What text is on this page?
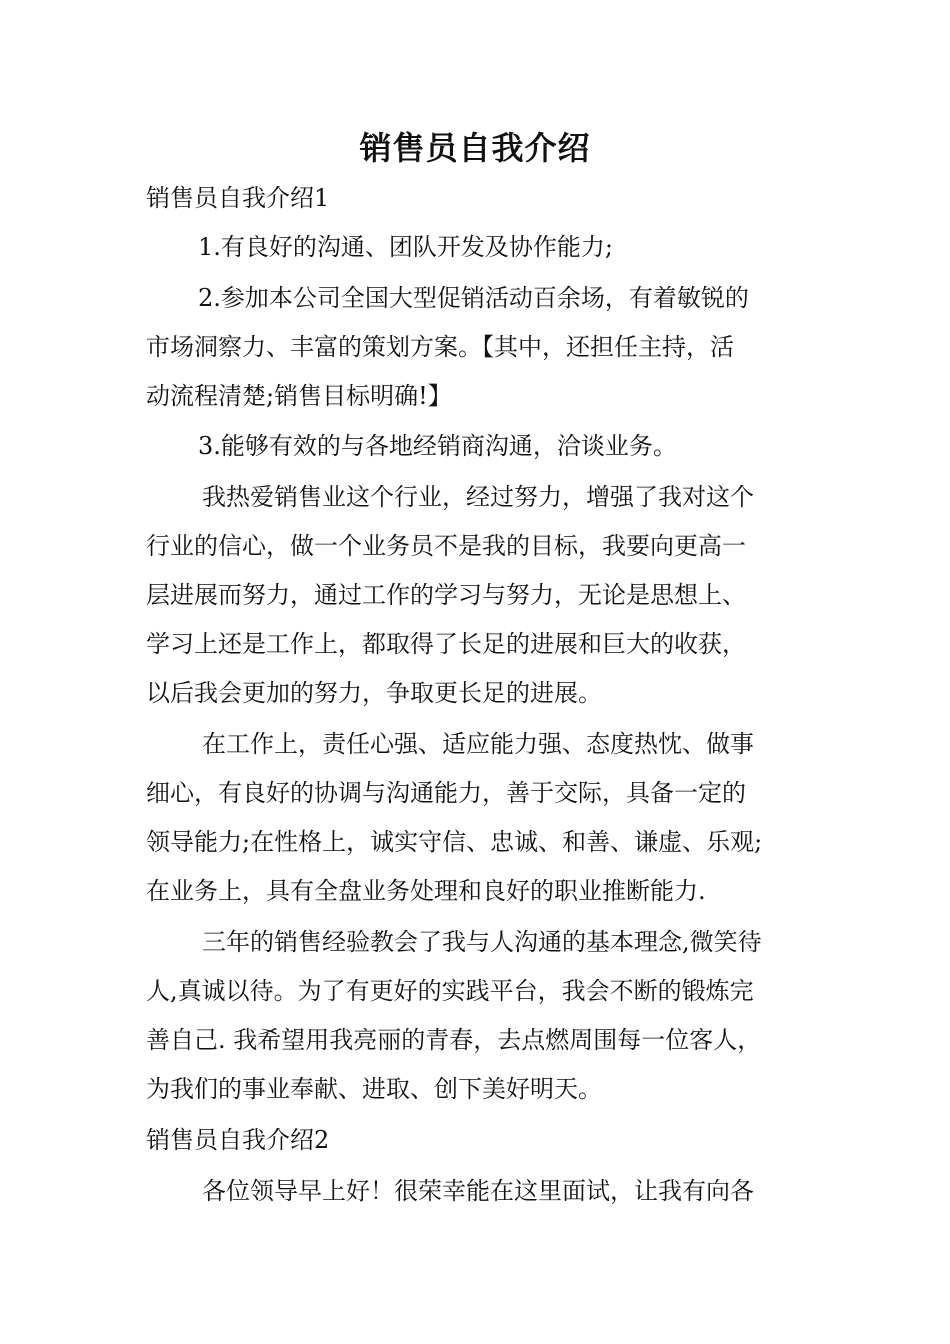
销售员自我介绍

销售员自我介绍1

1.有良好的沟通、团队开发及协作能力;

2.参加本公司全国大型促销活动百余场，有着敏锐的
市场洞察力、丰富的策划方案。【其中，还担任主持，活
动流程清楚;销售目标明确!】

3.能够有效的与各地经销商沟通，洽谈业务。

我热爱销售业这个行业，经过努力，增强了我对这个
行业的信心，做一个业务员不是我的目标，我要向更高一
层进展而努力，通过工作的学习与努力，无论是思想上、
学习上还是工作上，都取得了长足的进展和巨大的收获，
以后我会更加的努力，争取更长足的进展。

在工作上，责任心强、适应能力强、态度热忱、做事
细心，有良好的协调与沟通能力，善于交际，具备一定的
领导能力;在性格上，诚实守信、忠诚、和善、谦虚、乐观;
在业务上，具有全盘业务处理和良好的职业推断能力.

三年的销售经验教会了我与人沟通的基本理念,微笑待
人,真诚以待。为了有更好的实践平台，我会不断的锻炼完
善自己. 我希望用我亮丽的青春，去点燃周围每一位客人，
为我们的事业奉献、进取、创下美好明天。

销售员自我介绍2

各位领导早上好！很荣幸能在这里面试，让我有向各
